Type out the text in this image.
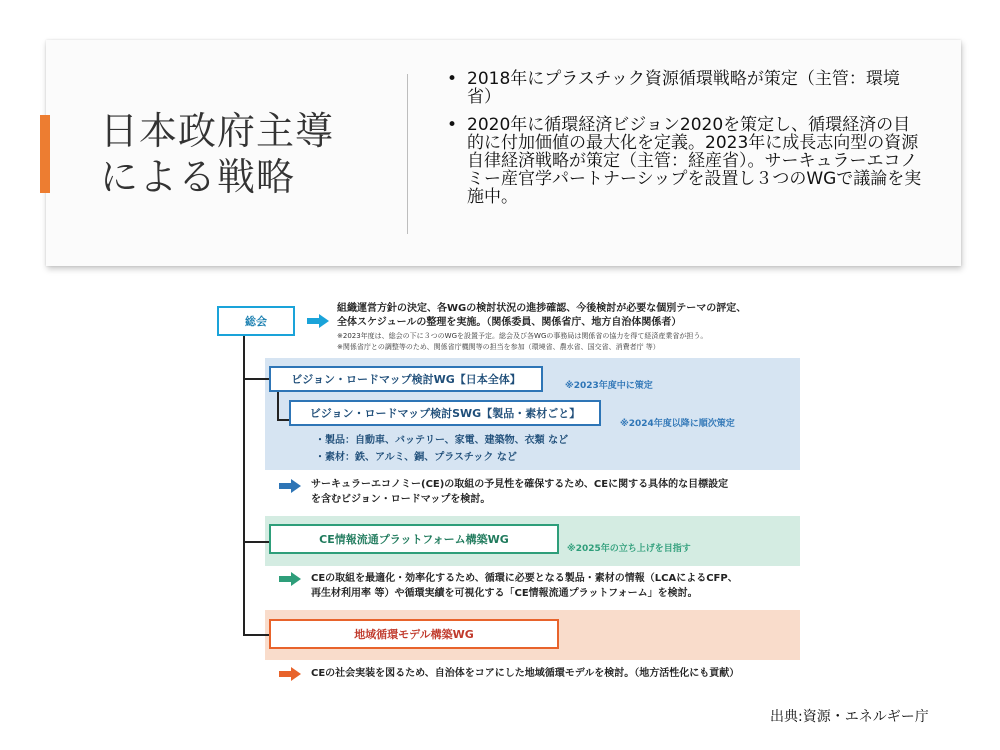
日本政府主導
による戦略
• 2018年にプラスチック資源循環戦略が策定（主管：環境省）
• 2020年に循環経済ビジョン2020を策定し、循環経済の目的に付加価値の最大化を定義。2023年に成長志向型の資源自律経済戦略が策定（主管：経産省）。サーキュラーエコノミー産官学パートナーシップを設置し３つのWGで議論を実施中。
総会
組織運営方針の決定、各WGの検討状況の進捗確認、今後検討が必要な個別テーマの評定、
全体スケジュールの整理を実施。（関係委員、関係省庁、地方自治体関係者）
※2023年度は、総会の下に３つのWGを設置予定。総会及び各WGの事務局は関係省の協力を得て経済産業省が担う。
※関係省庁との調整等のため、関係省庁機関等の担当を参加（環境省、農水省、国交省、消費者庁 等）
ビジョン・ロードマップ検討WG【日本全体】	※2023年度中に策定
ビジョン・ロードマップ検討SWG【製品・素材ごと】
※2024年度以降に順次策定
・製品：自動車、バッテリー、家電、建築物、衣類 など
・素材：鉄、アルミ、銅、プラスチック など
サーキュラーエコノミー(CE)の取組の予見性を確保するため、CEに関する具体的な目標設定
を含むビジョン・ロードマップを検討。
CE情報流通プラットフォーム構築WG
※2025年の立ち上げを目指す
CEの取組を最適化・効率化するため、循環に必要となる製品・素材の情報（LCAによるCFP、
再生材利用率 等）や循環実績を可視化する「CE情報流通プラットフォーム」を検討。
地域循環モデル構築WG
CEの社会実装を図るため、自治体をコアにした地域循環モデルを検討。（地方活性化にも貢献）
出典:資源・エネルギー庁
